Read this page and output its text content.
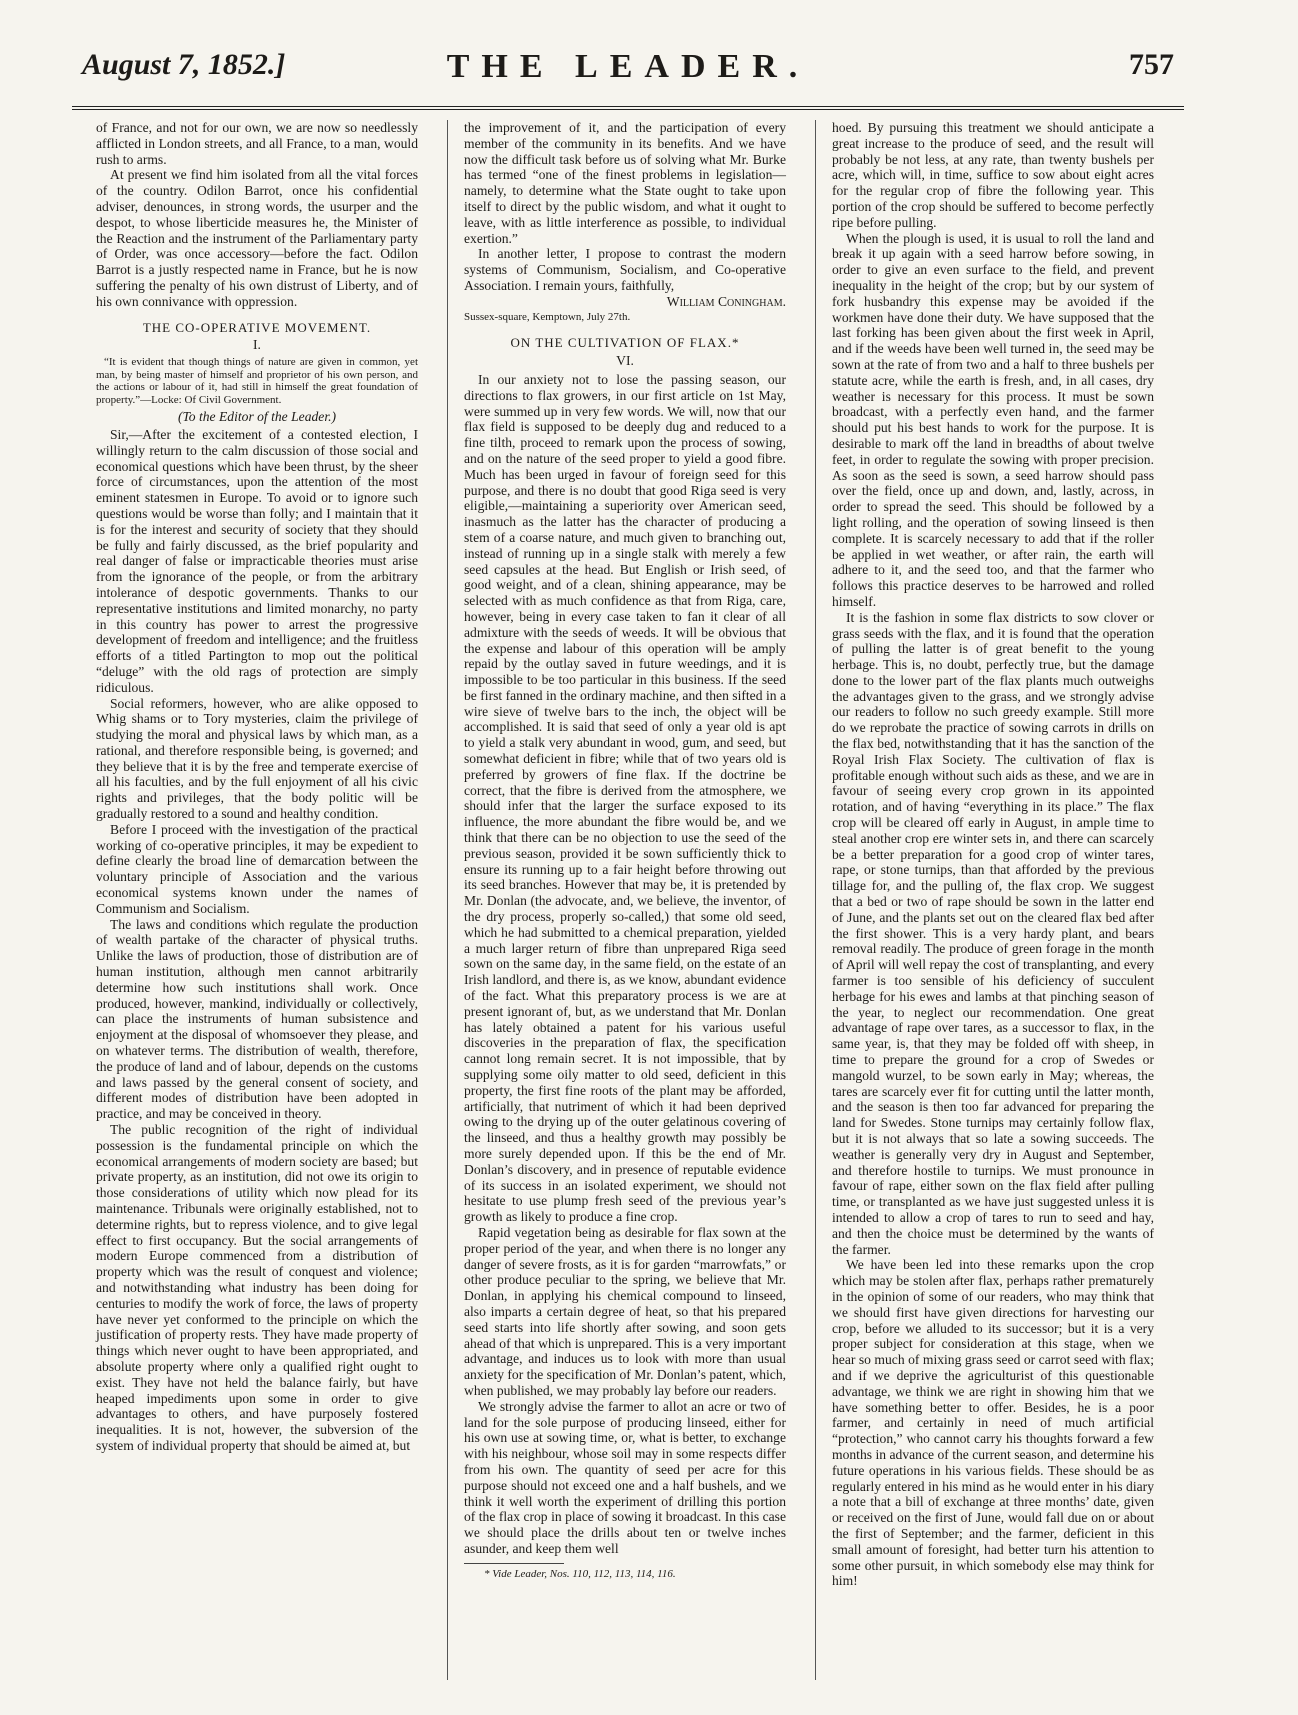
August 7, 1852.]	THE LEADER.	757

of France, and not for our own, we are now so needlessly afflicted in London streets, and all France, to a man, would rush to arms.

At present we find him isolated from all the vital forces of the country. Odilon Barrot, once his confidential adviser, denounces, in strong words, the usurper and the despot, to whose liberticide measures he, the Minister of the Reaction and the instrument of the Parliamentary party of Order, was once accessory—before the fact. Odilon Barrot is a justly respected name in France, but he is now suffering the penalty of his own distrust of Liberty, and of his own connivance with oppression.

THE CO-OPERATIVE MOVEMENT.

I.

“It is evident that though things of nature are given in common, yet man, by being master of himself and proprietor of his own person, and the actions or labour of it, had still in himself the great foundation of property.”—Locke: Of Civil Government.

(To the Editor of the Leader.)

Sir,—After the excitement of a contested election, I willingly return to the calm discussion of those social and economical questions which have been thrust, by the sheer force of circumstances, upon the attention of the most eminent statesmen in Europe. To avoid or to ignore such questions would be worse than folly; and I maintain that it is for the interest and security of society that they should be fully and fairly discussed, as the brief popularity and real danger of false or impracticable theories must arise from the ignorance of the people, or from the arbitrary intolerance of despotic governments. Thanks to our representative institutions and limited monarchy, no party in this country has power to arrest the progressive development of freedom and intelligence; and the fruitless efforts of a titled Partington to mop out the political “deluge” with the old rags of protection are simply ridiculous.

Social reformers, however, who are alike opposed to Whig shams or to Tory mysteries, claim the privilege of studying the moral and physical laws by which man, as a rational, and therefore responsible being, is governed; and they believe that it is by the free and temperate exercise of all his faculties, and by the full enjoyment of all his civic rights and privileges, that the body politic will be gradually restored to a sound and healthy condition.

Before I proceed with the investigation of the practical working of co-operative principles, it may be expedient to define clearly the broad line of demarcation between the voluntary principle of Association and the various economical systems known under the names of Communism and Socialism.

The laws and conditions which regulate the production of wealth partake of the character of physical truths. Unlike the laws of production, those of distribution are of human institution, although men cannot arbitrarily determine how such institutions shall work. Once produced, however, mankind, individually or collectively, can place the instruments of human subsistence and enjoyment at the disposal of whomsoever they please, and on whatever terms. The distribution of wealth, therefore, the produce of land and of labour, depends on the customs and laws passed by the general consent of society, and different modes of distribution have been adopted in practice, and may be conceived in theory.

The public recognition of the right of individual possession is the fundamental principle on which the economical arrangements of modern society are based; but private property, as an institution, did not owe its origin to those considerations of utility which now plead for its maintenance. Tribunals were originally established, not to determine rights, but to repress violence, and to give legal effect to first occupancy. But the social arrangements of modern Europe commenced from a distribution of property which was the result of conquest and violence; and notwithstanding what industry has been doing for centuries to modify the work of force, the laws of property have never yet conformed to the principle on which the justification of property rests. They have made property of things which never ought to have been appropriated, and absolute property where only a qualified right ought to exist. They have not held the balance fairly, but have heaped impediments upon some in order to give advantages to others, and have purposely fostered inequalities. It is not, however, the subversion of the system of individual property that should be aimed at, but

the improvement of it, and the participation of every member of the community in its benefits. And we have now the difficult task before us of solving what Mr. Burke has termed “one of the finest problems in legislation—namely, to determine what the State ought to take upon itself to direct by the public wisdom, and what it ought to leave, with as little interference as possible, to individual exertion.”

In another letter, I propose to contrast the modern systems of Communism, Socialism, and Co-operative Association. I remain yours, faithfully,

William Coningham.

Sussex-square, Kemptown, July 27th.

ON THE CULTIVATION OF FLAX.*

VI.

In our anxiety not to lose the passing season, our directions to flax growers, in our first article on 1st May, were summed up in very few words. We will, now that our flax field is supposed to be deeply dug and reduced to a fine tilth, proceed to remark upon the process of sowing, and on the nature of the seed proper to yield a good fibre. Much has been urged in favour of foreign seed for this purpose, and there is no doubt that good Riga seed is very eligible,—maintaining a superiority over American seed, inasmuch as the latter has the character of producing a stem of a coarse nature, and much given to branching out, instead of running up in a single stalk with merely a few seed capsules at the head. But English or Irish seed, of good weight, and of a clean, shining appearance, may be selected with as much confidence as that from Riga, care, however, being in every case taken to fan it clear of all admixture with the seeds of weeds. It will be obvious that the expense and labour of this operation will be amply repaid by the outlay saved in future weedings, and it is impossible to be too particular in this business. If the seed be first fanned in the ordinary machine, and then sifted in a wire sieve of twelve bars to the inch, the object will be accomplished. It is said that seed of only a year old is apt to yield a stalk very abundant in wood, gum, and seed, but somewhat deficient in fibre; while that of two years old is preferred by growers of fine flax. If the doctrine be correct, that the fibre is derived from the atmosphere, we should infer that the larger the surface exposed to its influence, the more abundant the fibre would be, and we think that there can be no objection to use the seed of the previous season, provided it be sown sufficiently thick to ensure its running up to a fair height before throwing out its seed branches. However that may be, it is pretended by Mr. Donlan (the advocate, and, we believe, the inventor, of the dry process, properly so-called,) that some old seed, which he had submitted to a chemical preparation, yielded a much larger return of fibre than unprepared Riga seed sown on the same day, in the same field, on the estate of an Irish landlord, and there is, as we know, abundant evidence of the fact. What this preparatory process is we are at present ignorant of, but, as we understand that Mr. Donlan has lately obtained a patent for his various useful discoveries in the preparation of flax, the specification cannot long remain secret. It is not impossible, that by supplying some oily matter to old seed, deficient in this property, the first fine roots of the plant may be afforded, artificially, that nutriment of which it had been deprived owing to the drying up of the outer gelatinous covering of the linseed, and thus a healthy growth may possibly be more surely depended upon. If this be the end of Mr. Donlan’s discovery, and in presence of reputable evidence of its success in an isolated experiment, we should not hesitate to use plump fresh seed of the previous year’s growth as likely to produce a fine crop.

Rapid vegetation being as desirable for flax sown at the proper period of the year, and when there is no longer any danger of severe frosts, as it is for garden “marrowfats,” or other produce peculiar to the spring, we believe that Mr. Donlan, in applying his chemical compound to linseed, also imparts a certain degree of heat, so that his prepared seed starts into life shortly after sowing, and soon gets ahead of that which is unprepared. This is a very important advantage, and induces us to look with more than usual anxiety for the specification of Mr. Donlan’s patent, which, when published, we may probably lay before our readers.

We strongly advise the farmer to allot an acre or two of land for the sole purpose of producing linseed, either for his own use at sowing time, or, what is better, to exchange with his neighbour, whose soil may in some respects differ from his own. The quantity of seed per acre for this purpose should not exceed one and a half bushels, and we think it well worth the experiment of drilling this portion of the flax crop in place of sowing it broadcast. In this case we should place the drills about ten or twelve inches asunder, and keep them well

* Vide Leader, Nos. 110, 112, 113, 114, 116.

hoed. By pursuing this treatment we should anticipate a great increase to the produce of seed, and the result will probably be not less, at any rate, than twenty bushels per acre, which will, in time, suffice to sow about eight acres for the regular crop of fibre the following year. This portion of the crop should be suffered to become perfectly ripe before pulling.

When the plough is used, it is usual to roll the land and break it up again with a seed harrow before sowing, in order to give an even surface to the field, and prevent inequality in the height of the crop; but by our system of fork husbandry this expense may be avoided if the workmen have done their duty. We have supposed that the last forking has been given about the first week in April, and if the weeds have been well turned in, the seed may be sown at the rate of from two and a half to three bushels per statute acre, while the earth is fresh, and, in all cases, dry weather is necessary for this process. It must be sown broadcast, with a perfectly even hand, and the farmer should put his best hands to work for the purpose. It is desirable to mark off the land in breadths of about twelve feet, in order to regulate the sowing with proper precision. As soon as the seed is sown, a seed harrow should pass over the field, once up and down, and, lastly, across, in order to spread the seed. This should be followed by a light rolling, and the operation of sowing linseed is then complete. It is scarcely necessary to add that if the roller be applied in wet weather, or after rain, the earth will adhere to it, and the seed too, and that the farmer who follows this practice deserves to be harrowed and rolled himself.

It is the fashion in some flax districts to sow clover or grass seeds with the flax, and it is found that the operation of pulling the latter is of great benefit to the young herbage. This is, no doubt, perfectly true, but the damage done to the lower part of the flax plants much outweighs the advantages given to the grass, and we strongly advise our readers to follow no such greedy example. Still more do we reprobate the practice of sowing carrots in drills on the flax bed, notwithstanding that it has the sanction of the Royal Irish Flax Society. The cultivation of flax is profitable enough without such aids as these, and we are in favour of seeing every crop grown in its appointed rotation, and of having “everything in its place.” The flax crop will be cleared off early in August, in ample time to steal another crop ere winter sets in, and there can scarcely be a better preparation for a good crop of winter tares, rape, or stone turnips, than that afforded by the previous tillage for, and the pulling of, the flax crop. We suggest that a bed or two of rape should be sown in the latter end of June, and the plants set out on the cleared flax bed after the first shower. This is a very hardy plant, and bears removal readily. The produce of green forage in the month of April will well repay the cost of transplanting, and every farmer is too sensible of his deficiency of succulent herbage for his ewes and lambs at that pinching season of the year, to neglect our recommendation. One great advantage of rape over tares, as a successor to flax, in the same year, is, that they may be folded off with sheep, in time to prepare the ground for a crop of Swedes or mangold wurzel, to be sown early in May; whereas, the tares are scarcely ever fit for cutting until the latter month, and the season is then too far advanced for preparing the land for Swedes. Stone turnips may certainly follow flax, but it is not always that so late a sowing succeeds. The weather is generally very dry in August and September, and therefore hostile to turnips. We must pronounce in favour of rape, either sown on the flax field after pulling time, or transplanted as we have just suggested unless it is intended to allow a crop of tares to run to seed and hay, and then the choice must be determined by the wants of the farmer.

We have been led into these remarks upon the crop which may be stolen after flax, perhaps rather prematurely in the opinion of some of our readers, who may think that we should first have given directions for harvesting our crop, before we alluded to its successor; but it is a very proper subject for consideration at this stage, when we hear so much of mixing grass seed or carrot seed with flax; and if we deprive the agriculturist of this questionable advantage, we think we are right in showing him that we have something better to offer. Besides, he is a poor farmer, and certainly in need of much artificial “protection,” who cannot carry his thoughts forward a few months in advance of the current season, and determine his future operations in his various fields. These should be as regularly entered in his mind as he would enter in his diary a note that a bill of exchange at three months’ date, given or received on the first of June, would fall due on or about the first of September; and the farmer, deficient in this small amount of foresight, had better turn his attention to some other pursuit, in which somebody else may think for him!
